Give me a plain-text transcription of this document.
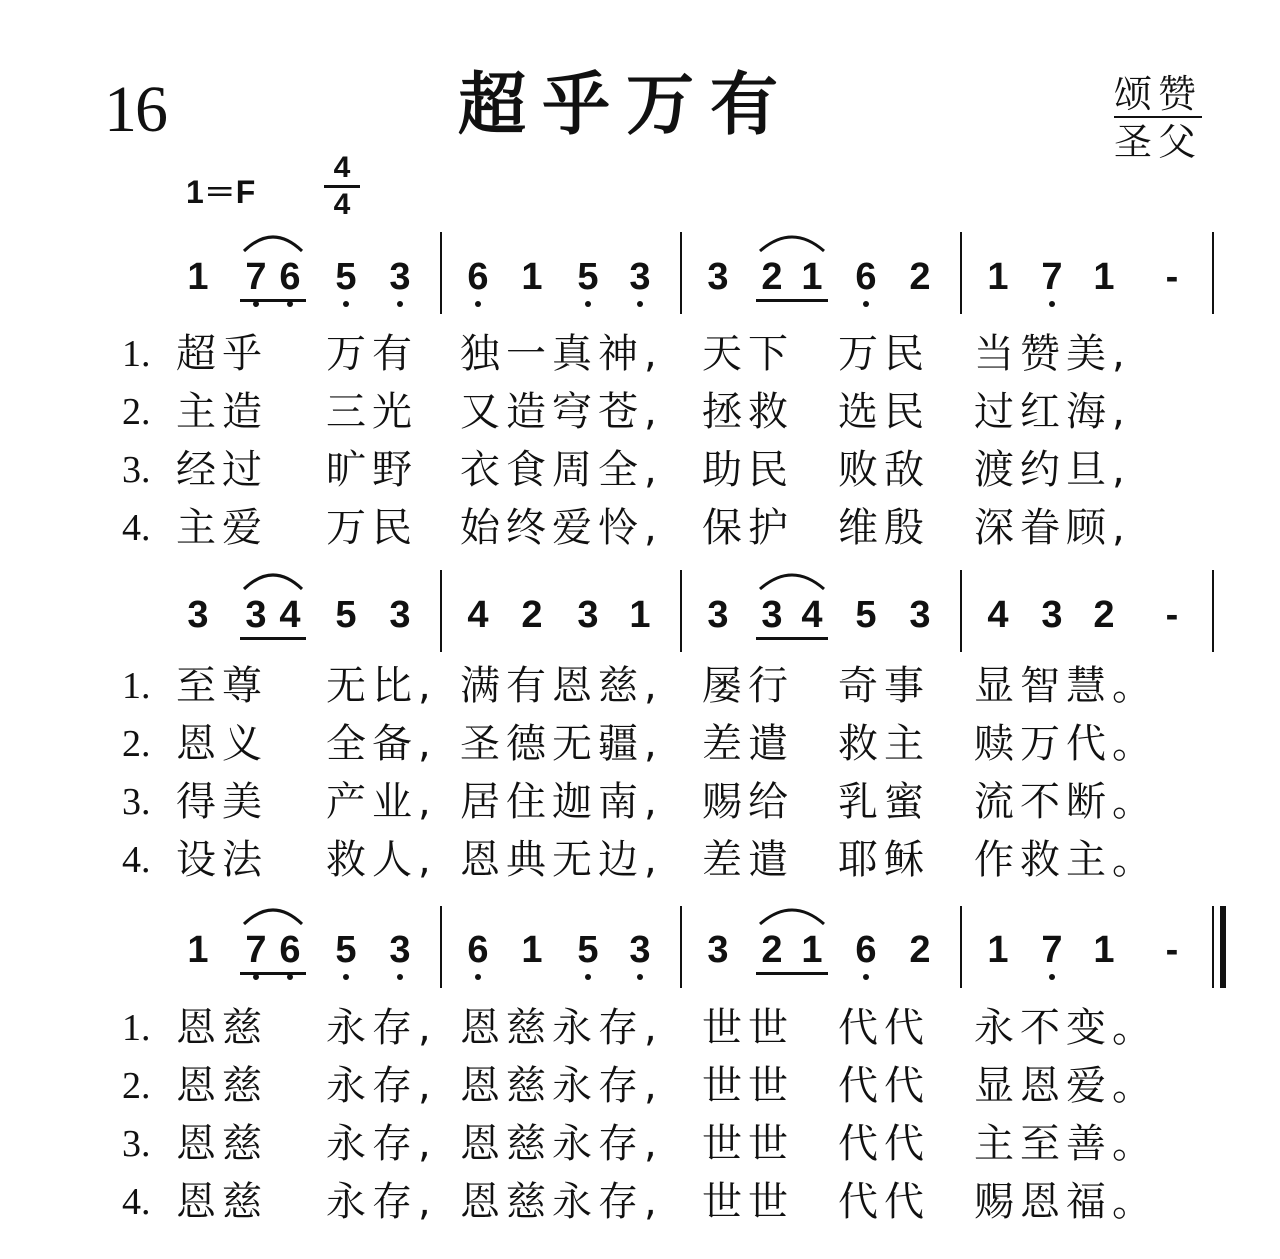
16	超乎万有	颂赞
圣父
1＝F
4
4
1 7 6 5 3 6 1 5 3 3 2 1 6 2 1 7 1	-
3 3 4 5 3 4 2 3 1 3 3 4 5 3 4 3 2	-
1 7 6 5 3 6 1 5 3 3 2 1 6 2 1 7 1	-
1. 超乎 万有 独一真神, 天下 万民 当赞美,
2. 主造 三光 又造穹苍, 拯救 选民 过红海,
3. 经过 旷野 衣食周全, 助民 败敌 渡约旦,
4. 主爱 万民 始终爱怜, 保护 维殷 深眷顾,
1. 至尊 无比, 满有恩慈, 屡行 奇事 显智慧。
2. 恩义 全备, 圣德无疆, 差遣 救主 赎万代。
3. 得美 产业, 居住迦南, 赐给 乳蜜 流不断。
4. 设法 救人, 恩典无边, 差遣 耶稣 作救主。
1. 恩慈 永存, 恩慈永存, 世世 代代 永不变。
2. 恩慈 永存, 恩慈永存, 世世 代代 显恩爱。
3. 恩慈 永存, 恩慈永存, 世世 代代 主至善。
4. 恩慈 永存, 恩慈永存, 世世 代代 赐恩福。
